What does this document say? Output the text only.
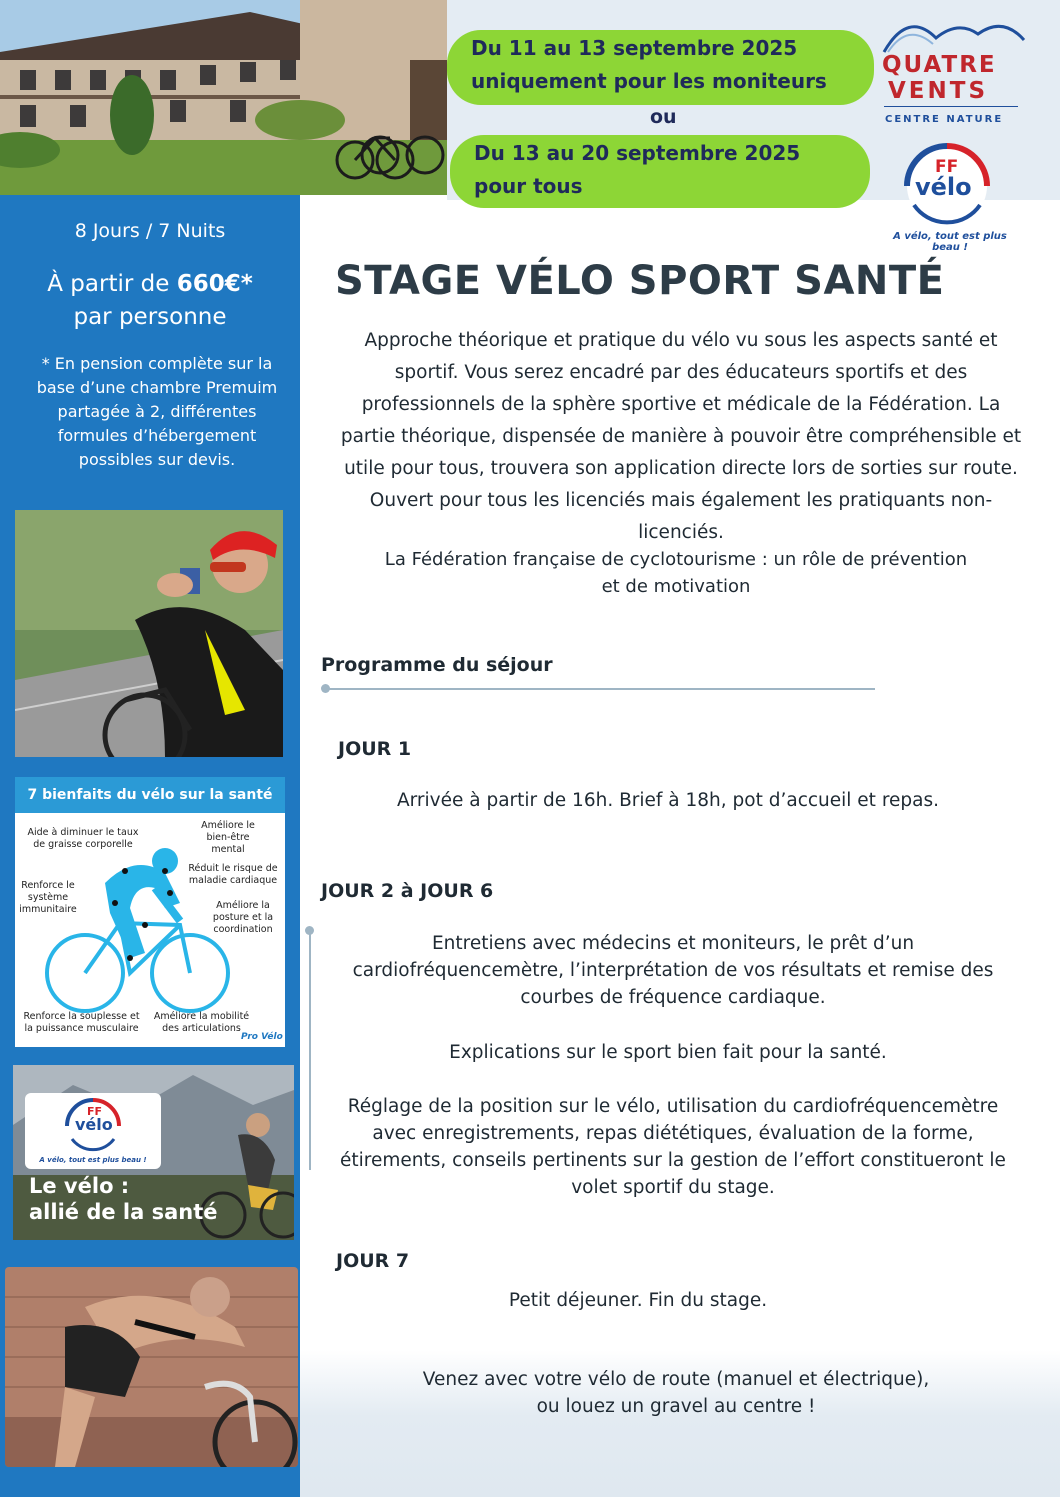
Du 11 au 13 septembre 2025
uniquement pour les moniteurs
ou
Du 13 au 20 septembre 2025
pour tous
QUATRE
VENTS
CENTRE NATURE
FF
vélo
A vélo, tout est plus beau !
8 Jours / 7 Nuits
À partir de 660€*
par personne
* En pension complète sur la base d’une chambre Premuim partagée à 2, différentes formules d’hébergement possibles sur devis.
7 bienfaits du vélo sur la santé
Aide à diminuer le taux de graisse corporelle
Améliore le bien-être mental
Réduit le risque de maladie cardiaque
Renforce le système immunitaire	Améliore la posture et la coordination
Renforce la souplesse et la puissance musculaire
Améliore la mobilité des articulations
Pro Vélo
FF
vélo
A vélo, tout est plus beau !
Le vélo :
allié de la santé
STAGE VÉLO SPORT SANTÉ
Approche théorique et pratique du vélo vu sous les aspects santé et sportif. Vous serez encadré par des éducateurs sportifs et des professionnels de la sphère sportive et médicale de la Fédération. La partie théorique, dispensée de manière à pouvoir être compréhensible et utile pour tous, trouvera son application directe lors de sorties sur route. Ouvert pour tous les licenciés mais également les pratiquants non-licenciés.
La Fédération française de cyclotourisme : un rôle de prévention
et de motivation
Programme du séjour
JOUR 1
Arrivée à partir de 16h. Brief à 18h, pot d’accueil et repas.
JOUR 2 à JOUR 6
Entretiens avec médecins et moniteurs, le prêt d’un cardiofréquencemètre, l’interprétation de vos résultats et remise des courbes de fréquence cardiaque.
Explications sur le sport bien fait pour la santé.
Réglage de la position sur le vélo, utilisation du cardiofréquencemètre avec enregistrements, repas diététiques, évaluation de la forme, étirements, conseils pertinents sur la gestion de l’effort constitueront le volet sportif du stage.
JOUR 7
Petit déjeuner. Fin du stage.
Venez avec votre vélo de route (manuel et électrique),
ou louez un gravel au centre !
